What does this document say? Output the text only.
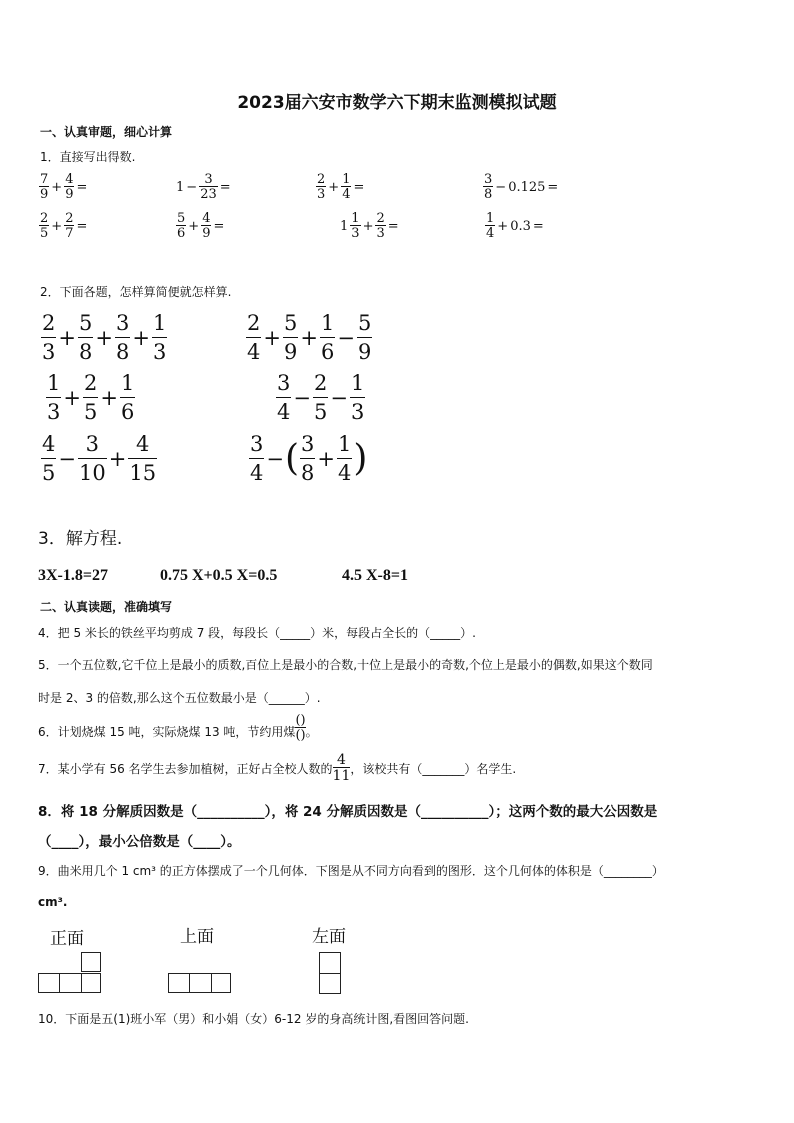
2023届六安市数学六下期末监测模拟试题
一、认真审题，细心计算
1．直接写出得数.
$\frac{7}{9} + \frac{4}{9}$ =	$1 - \frac{3}{23}$ =	$\frac{2}{3} + \frac{1}{4}$ =	$\frac{3}{8} - 0.125$ =
$\frac{2}{5} + \frac{2}{7}$ =	$\frac{5}{6} + \frac{4}{9}$ =	$1 \frac{1}{3} + \frac{2}{3}$ =	$\frac{1}{4} + 0.3$ =
2．下面各题，怎样算简便就怎样算.
$\frac{2}{3} + \frac{5}{8} + \frac{3}{8} + \frac{1}{3}$	$\frac{2}{4} + \frac{5}{9} + \frac{1}{6} - \frac{5}{9}$
$\frac{1}{3} + \frac{2}{5} + \frac{1}{6}$	$\frac{3}{4} - \frac{2}{5} - \frac{1}{3}$
$\frac{4}{5} - \frac{3}{10} + \frac{4}{15}$	$\frac{3}{4}$ − ( $\frac{3}{8} + \frac{1}{4}$ )
3．解方程.
3X-1.8=27	0.75 X+0.5 X=0.5	4.5 X-8=1
二、认真读题，准确填写
4．把 5 米长的铁丝平均剪成 7 段，每段长（_____）米，每段占全长的（_____）.
5．一个五位数,它千位上是最小的质数,百位上是最小的合数,十位上是最小的奇数,个位上是最小的偶数,如果这个数同
时是 2、3 的倍数,那么这个五位数最小是（______）.
6．计划烧煤 15 吨，实际烧煤 13 吨，节约用煤
()
() 。
7．某小学有 56 名学生去参加植树，正好占全校人数的
4
11 ，该校共有（_______）名学生.
8．将 18 分解质因数是（__________），将 24 分解质因数是（__________）；这两个数的最大公因数是
（____），最小公倍数是（____）。
9．曲米用几个 1 cm³ 的正方体摆成了一个几何体．下图是从不同方向看到的图形．这个几何体的体积是（________）
cm³.
正面	上面	左面
10．下面是五(1)班小军（男）和小娟（女）6-12 岁的身高统计图,看图回答问题.
